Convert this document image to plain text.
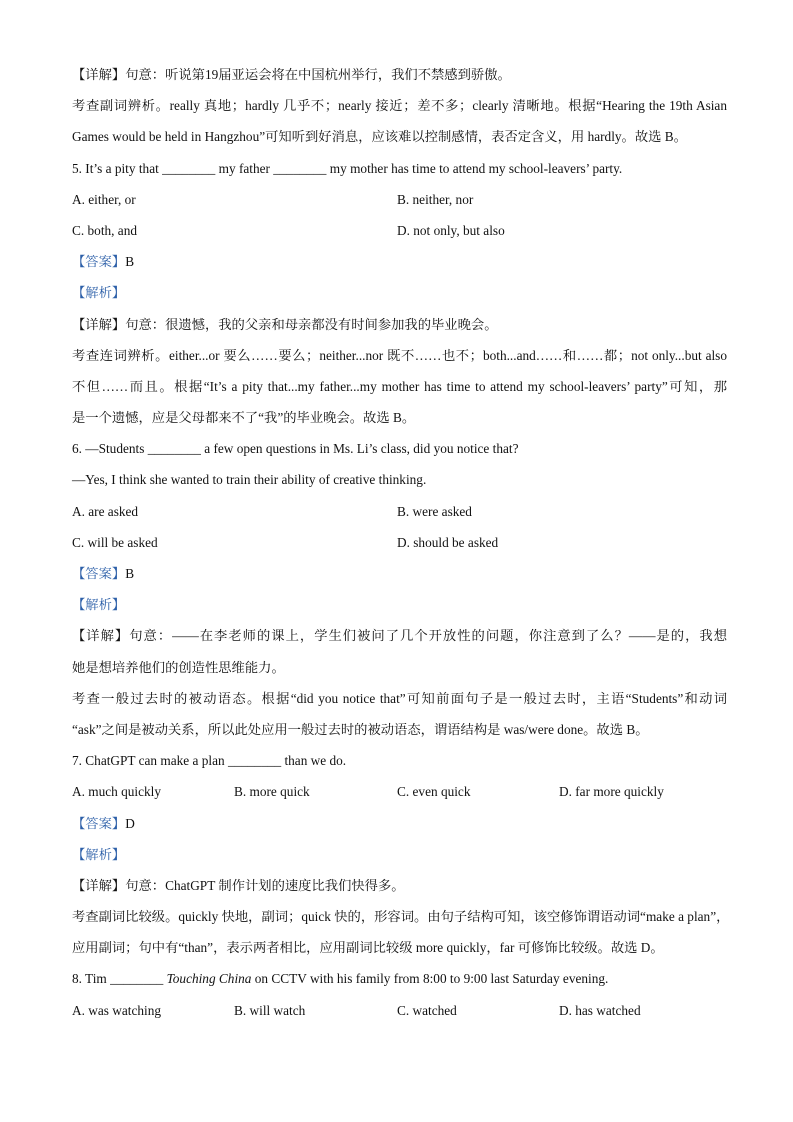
【详解】句意：听说第19届亚运会将在中国杭州举行，我们不禁感到骄傲。
考查副词辨析。really 真地；hardly 几乎不；nearly 接近；差不多；clearly 清晰地。根据“Hearing the 19th Asian
Games would be held in Hangzhou”可知听到好消息，应该难以控制感情，表否定含义，用 hardly。故选 B。
5. It’s a pity that ________ my father ________ my mother has time to attend my school-leavers’ party.
A. either, or	B. neither, nor
C. both, and	D. not only, but also
【答案】B
【解析】
【详解】句意：很遗憾，我的父亲和母亲都没有时间参加我的毕业晚会。
考查连词辨析。either...or 要么……要么；neither...nor 既不……也不；both...and……和……都；not only...but also
不但……而且。根据“It’s a pity that...my father...my mother has time to attend my school-leavers’ party”可知，那
是一个遗憾，应是父母都来不了“我”的毕业晚会。故选 B。
6. —Students ________ a few open questions in Ms. Li’s class, did you notice that?
—Yes, I think she wanted to train their ability of creative thinking.
A. are asked	B. were asked
C. will be asked	D. should be asked
【答案】B
【解析】
【详解】句意：——在李老师的课上，学生们被问了几个开放性的问题，你注意到了么？——是的，我想
她是想培养他们的创造性思维能力。
考查一般过去时的被动语态。根据“did you notice that”可知前面句子是一般过去时，主语“Students”和动词
“ask”之间是被动关系，所以此处应用一般过去时的被动语态，谓语结构是 was/were done。故选 B。
7. ChatGPT can make a plan ________ than we do.
A. much quickly	B. more quick	C. even quick	D. far more quickly
【答案】D
【解析】
【详解】句意：ChatGPT 制作计划的速度比我们快得多。
考查副词比较级。quickly 快地，副词；quick 快的，形容词。由句子结构可知，该空修饰谓语动词“make a plan”，
应用副词；句中有“than”，表示两者相比，应用副词比较级 more quickly，far 可修饰比较级。故选 D。
8. Tim ________ Touching China on CCTV with his family from 8:00 to 9:00 last Saturday evening.
A. was watching	B. will watch	C. watched	D. has watched
